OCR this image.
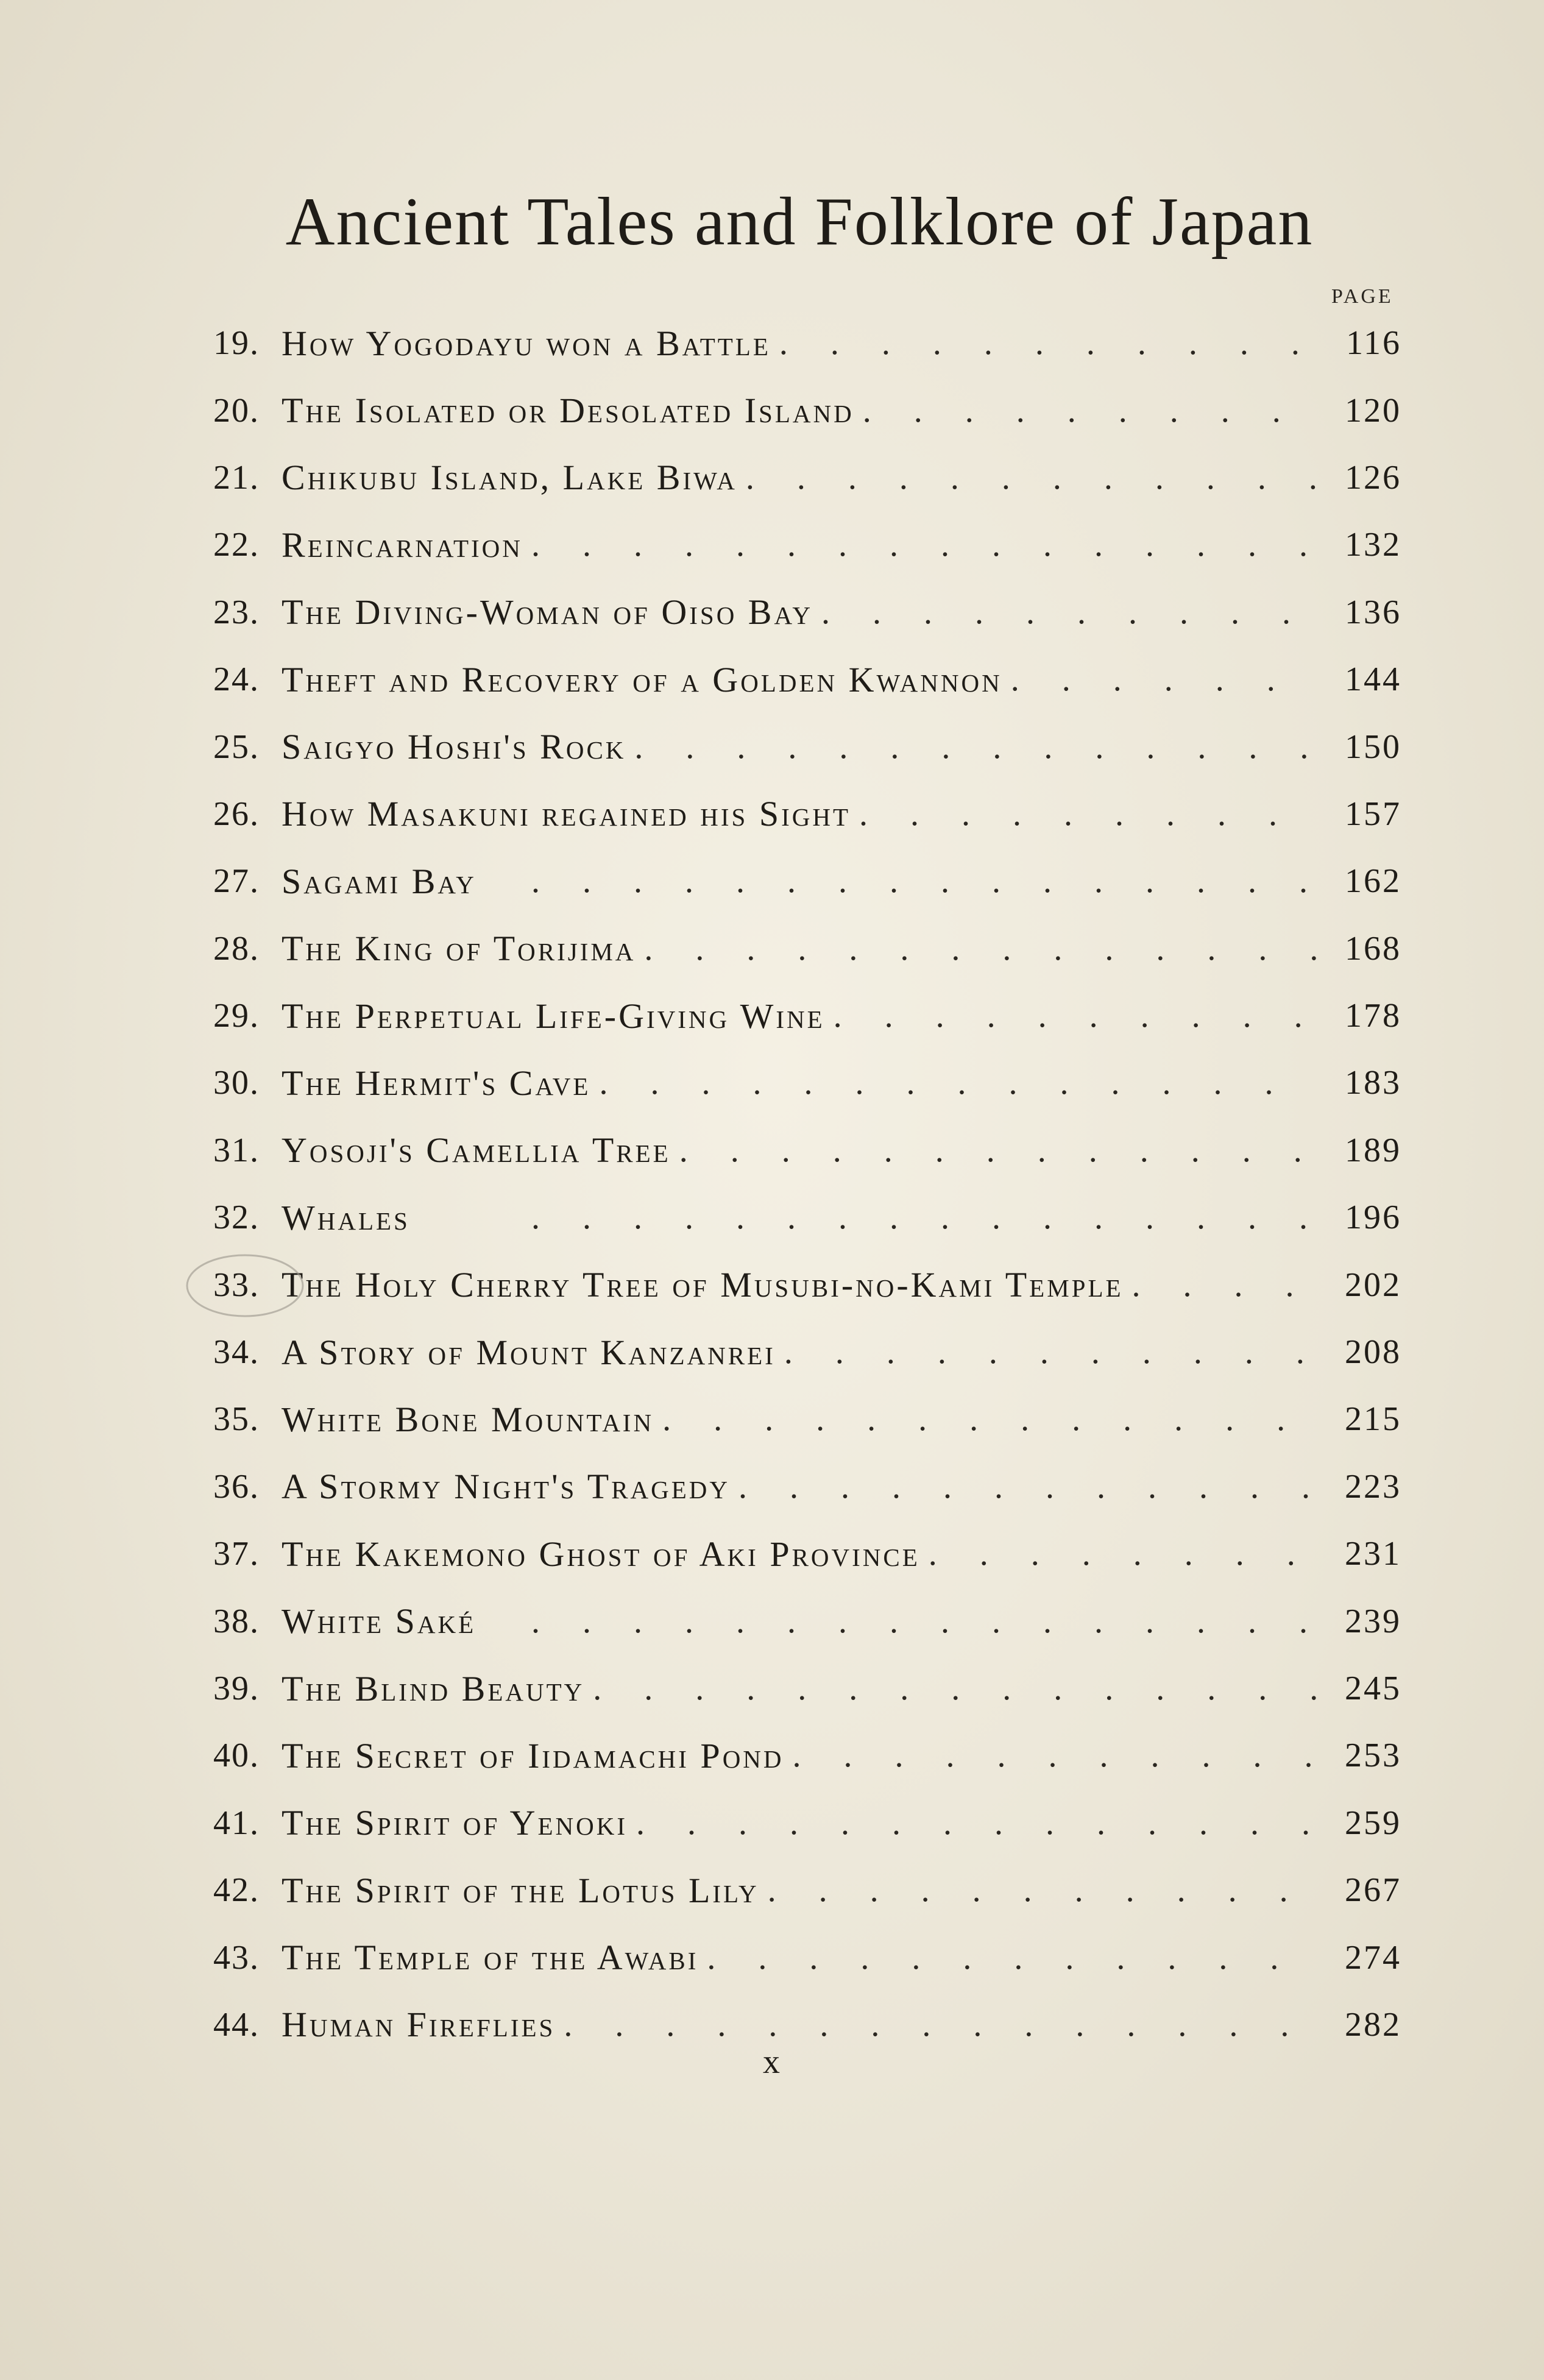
Ancient Tales and Folklore of Japan
PAGE
19. How Yogodayu won a Battle .	116
20. The Isolated or Desolated Island .	120
21. Chikubu Island, Lake Biwa .	126
22. Reincarnation .	132
23. The Diving-Woman of Oiso Bay .	136
24. Theft and Recovery of a Golden Kwannon .	144
25. Saigyo Hoshi's Rock .	150
26. How Masakuni regained his Sight .	157
27. Sagami Bay .	162
28. The King of Torijima .	168
29. The Perpetual Life-Giving Wine .	178
30. The Hermit's Cave .	183
31. Yosoji's Camellia Tree .	189
32. Whales .	196
33. The Holy Cherry Tree of Musubi-no-Kami Temple .	202
34. A Story of Mount Kanzanrei .	208
35. White Bone Mountain .	215
36. A Stormy Night's Tragedy .	223
37. The Kakemono Ghost of Aki Province .	231
38. White Saké .	239
39. The Blind Beauty .	245
40. The Secret of Iidamachi Pond .	253
41. The Spirit of Yenoki .	259
42. The Spirit of the Lotus Lily .	267
43. The Temple of the Awabi .	274
44. Human Fireflies .	282
x
